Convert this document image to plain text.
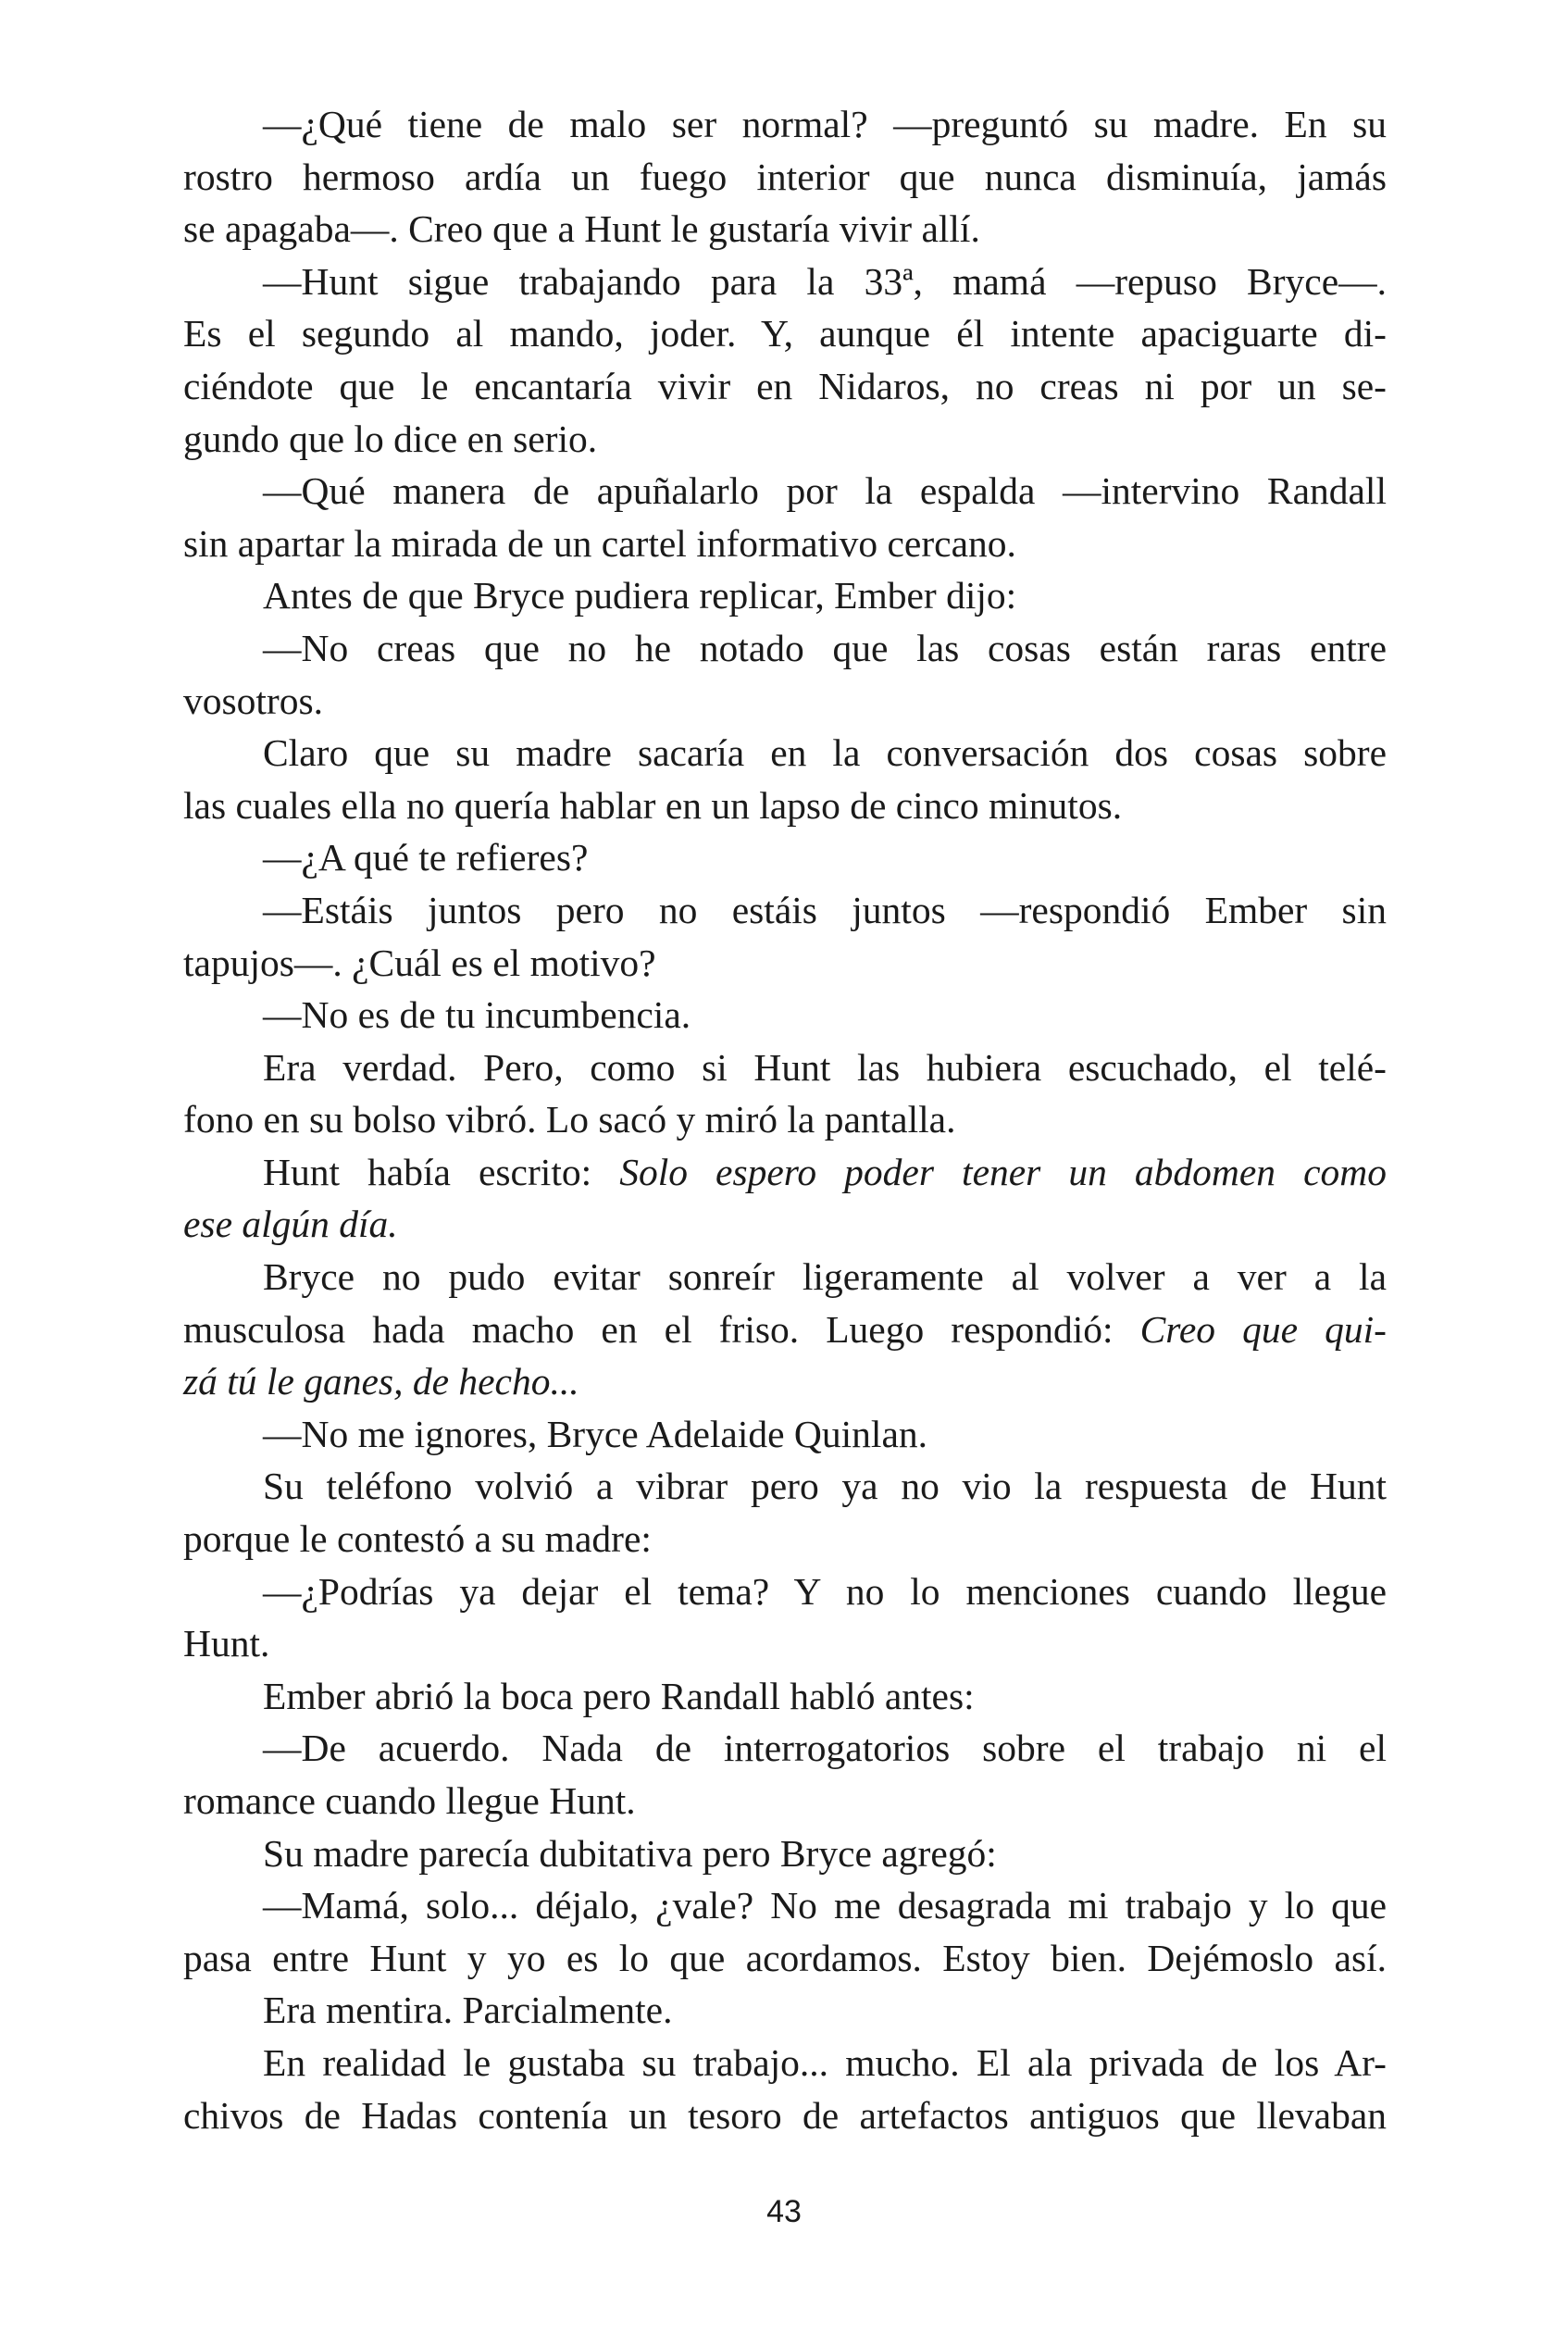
—¿Qué tiene de malo ser normal? —preguntó su madre. En su
rostro hermoso ardía un fuego interior que nunca disminuía, jamás
se apagaba—. Creo que a Hunt le gustaría vivir allí.
—Hunt sigue trabajando para la 33ª, mamá —repuso Bryce—.
Es el segundo al mando, joder. Y, aunque él intente apaciguarte di-
ciéndote que le encantaría vivir en Nidaros, no creas ni por un se-
gundo que lo dice en serio.
—Qué manera de apuñalarlo por la espalda —intervino Randall
sin apartar la mirada de un cartel informativo cercano.
Antes de que Bryce pudiera replicar, Ember dijo:
—No creas que no he notado que las cosas están raras entre
vosotros.
Claro que su madre sacaría en la conversación dos cosas sobre
las cuales ella no quería hablar en un lapso de cinco minutos.
—¿A qué te refieres?
—Estáis juntos pero no estáis juntos —respondió Ember sin
tapujos—. ¿Cuál es el motivo?
—No es de tu incumbencia.
Era verdad. Pero, como si Hunt las hubiera escuchado, el telé-
fono en su bolso vibró. Lo sacó y miró la pantalla.
Hunt había escrito: Solo espero poder tener un abdomen como
ese algún día.
Bryce no pudo evitar sonreír ligeramente al volver a ver a la
musculosa hada macho en el friso. Luego respondió: Creo que qui-
zá tú le ganes, de hecho...
—No me ignores, Bryce Adelaide Quinlan.
Su teléfono volvió a vibrar pero ya no vio la respuesta de Hunt
porque le contestó a su madre:
—¿Podrías ya dejar el tema? Y no lo menciones cuando llegue
Hunt.
Ember abrió la boca pero Randall habló antes:
—De acuerdo. Nada de interrogatorios sobre el trabajo ni el
romance cuando llegue Hunt.
Su madre parecía dubitativa pero Bryce agregó:
—Mamá, solo... déjalo, ¿vale? No me desagrada mi trabajo y lo que
pasa entre Hunt y yo es lo que acordamos. Estoy bien. Dejémoslo así.
Era mentira. Parcialmente.
En realidad le gustaba su trabajo... mucho. El ala privada de los Ar-
chivos de Hadas contenía un tesoro de artefactos antiguos que llevaban
43
